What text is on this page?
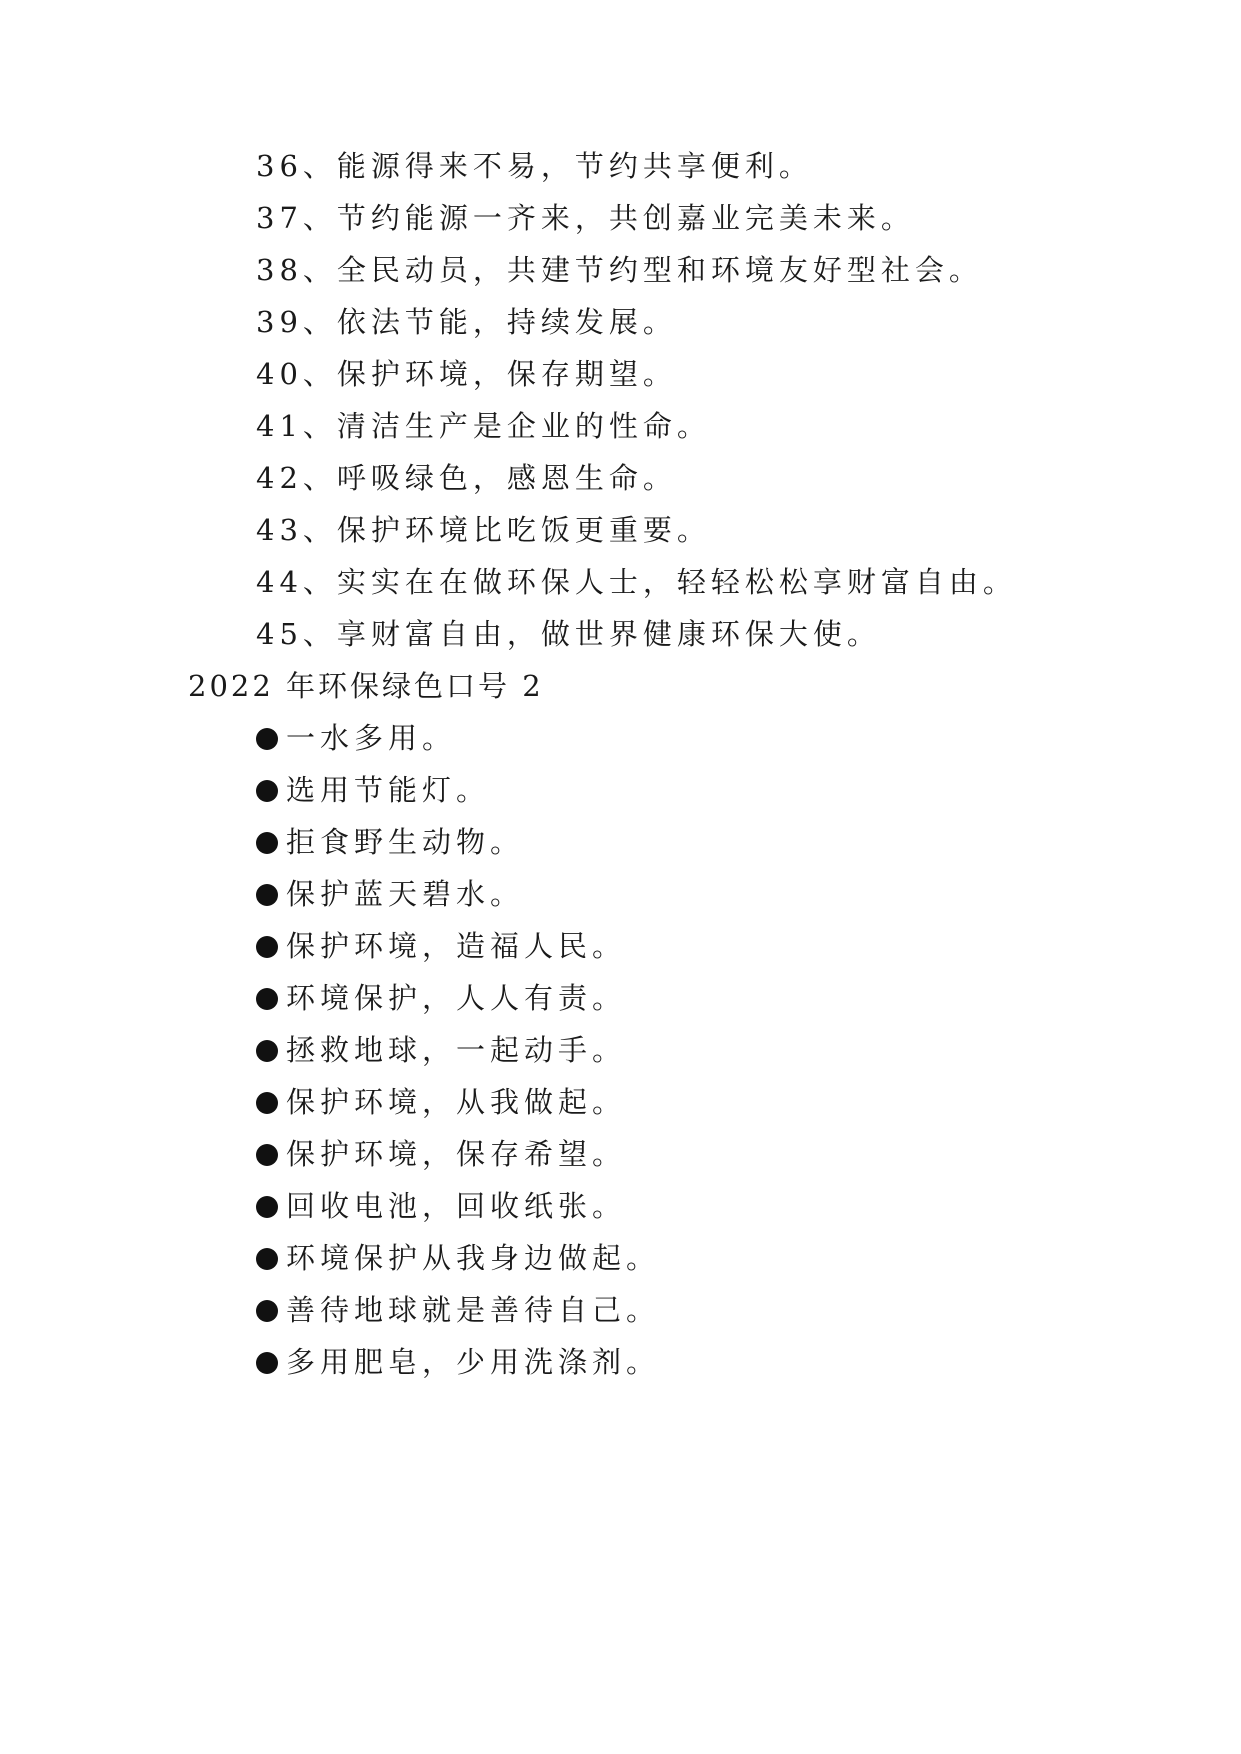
36、能源得来不易，节约共享便利。
37、节约能源一齐来，共创嘉业完美未来。
38、全民动员，共建节约型和环境友好型社会。
39、依法节能，持续发展。
40、保护环境，保存期望。
41、清洁生产是企业的性命。
42、呼吸绿色，感恩生命。
43、保护环境比吃饭更重要。
44、实实在在做环保人士，轻轻松松享财富自由。
45、享财富自由，做世界健康环保大使。
2022 年环保绿色口号 2
一水多用。
选用节能灯。
拒食野生动物。
保护蓝天碧水。
保护环境，造福人民。
环境保护，人人有责。
拯救地球，一起动手。
保护环境，从我做起。
保护环境，保存希望。
回收电池，回收纸张。
环境保护从我身边做起。
善待地球就是善待自己。
多用肥皂，少用洗涤剂。
